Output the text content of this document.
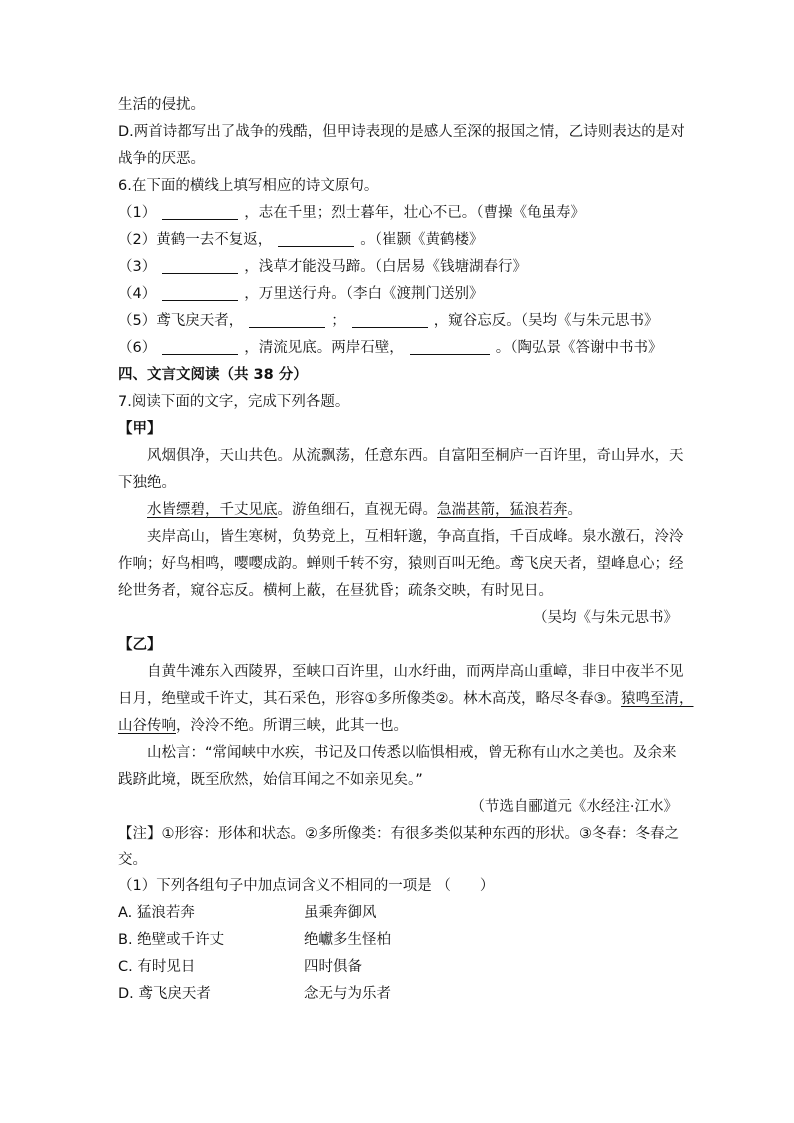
生活的侵扰。
D.两首诗都写出了战争的残酷，但甲诗表现的是感人至深的报国之情，乙诗则表达的是对
战争的厌恶。
6.在下面的横线上填写相应的诗文原句。
（1）	，志在千里；烈士暮年，壮心不已。（曹操《龟虽寿》
（2）黄鹤一去不复返，	。（崔颢《黄鹤楼》
（3）	，浅草才能没马蹄。（白居易《钱塘湖春行》
（4）	，万里送行舟。（李白《渡荆门送别》
（5）鸢飞戾天者，	；	，窥谷忘反。（吴均《与朱元思书》
（6）	，清流见底。两岸石壁，	。（陶弘景《答谢中书书》
四、文言文阅读（共 38 分）
7.阅读下面的文字，完成下列各题。
【甲】
风烟俱净，天山共色。从流飘荡，任意东西。自富阳至桐庐一百许里，奇山异水，天
下独绝。
水皆缥碧，千丈见底。游鱼细石，直视无碍。急湍甚箭，猛浪若奔。
夹岸高山，皆生寒树，负势竞上，互相轩邈，争高直指，千百成峰。泉水激石，泠泠
作响；好鸟相鸣，嘤嘤成韵。蝉则千转不穷，猿则百叫无绝。鸢飞戾天者，望峰息心；经
纶世务者，窥谷忘反。横柯上蔽，在昼犹昏；疏条交映，有时见日。
（吴均《与朱元思书》
【乙】
自黄牛滩东入西陵界，至峡口百许里，山水纡曲，而两岸高山重嶂，非日中夜半不见
日月，绝壁或千许丈，其石采色，形容①多所像类②。林木高茂，略尽冬春③。猿鸣至清，
山谷传响，泠泠不绝。所谓三峡，此其一也。
山松言：“常闻峡中水疾，书记及口传悉以临惧相戒，曾无称有山水之美也。及余来
践跻此境，既至欣然，始信耳闻之不如亲见矣。”
（节选自郦道元《水经注·江水》
【注】①形容：形体和状态。②多所像类：有很多类似某种东西的形状。③冬春：冬春之
交。
（1）下列各组句子中加点词含义不相同的一项是 （　　）
A. 猛浪若奔	虽乘奔御风
B. 绝壁或千许丈	绝巘多生怪柏
C. 有时见日	四时俱备
D. 鸢飞戾天者	念无与为乐者
